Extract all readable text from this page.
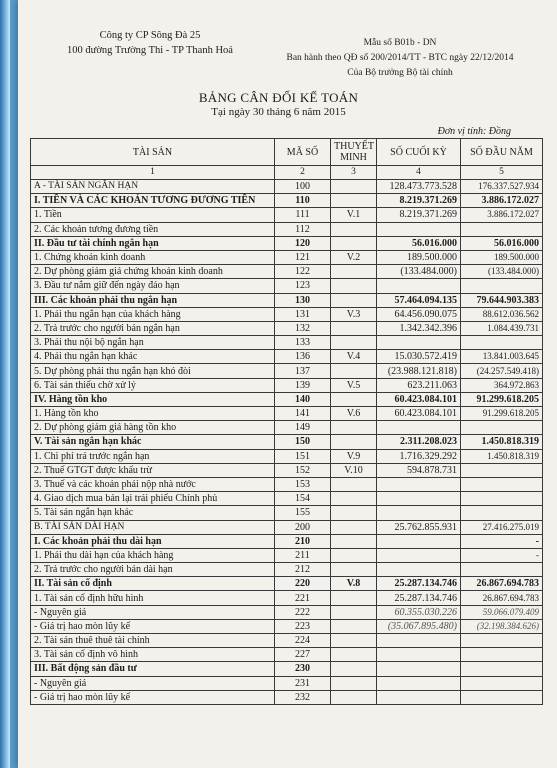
Công ty CP Sông Đà 25
100 đường Trường Thi - TP Thanh Hoá
Mẫu số B01b - DN
Ban hành theo QĐ số 200/2014/TT - BTC ngày 22/12/2014
Của Bộ trưởng Bộ tài chính
BẢNG CÂN ĐỐI KẾ TOÁN
Tại ngày 30 tháng 6 năm 2015
Đơn vị tính: Đồng
TÀI SẢN	MÃ SỐ	THUYẾT MINH	SỐ CUỐI KỲ	SỐ ĐẦU NĂM
1	2	3	4	5
A - TÀI SẢN NGẮN HẠN	100		128.473.773.528	176.337.527.934
I. TIỀN VÀ CÁC KHOẢN TƯƠNG ĐƯƠNG TIỀN	110		8.219.371.269	3.886.172.027
1. Tiền	111	V.1	8.219.371.269	3.886.172.027
2. Các khoản tương đương tiền	112			
II. Đầu tư tài chính ngắn hạn	120		56.016.000	56.016.000
1. Chứng khoán kinh doanh	121	V.2	189.500.000	189.500.000
2. Dự phòng giảm giá chứng khoán kinh doanh	122		(133.484.000)	(133.484.000)
3. Đầu tư nắm giữ đến ngày đáo hạn	123			
III. Các khoản phải thu ngắn hạn	130		57.464.094.135	79.644.903.383
1. Phải thu ngắn hạn của khách hàng	131	V.3	64.456.090.075	88.612.036.562
2. Trả trước cho người bán ngắn hạn	132		1.342.342.396	1.084.439.731
3. Phải thu nội bộ ngắn hạn	133			
4. Phải thu ngắn hạn khác	136	V.4	15.030.572.419	13.841.003.645
5. Dự phòng phải thu ngắn hạn khó đòi	137		(23.988.121.818)	(24.257.549.418)
6. Tài sản thiếu chờ xử lý	139	V.5	623.211.063	364.972.863
IV. Hàng tồn kho	140		60.423.084.101	91.299.618.205
1. Hàng tồn kho	141	V.6	60.423.084.101	91.299.618.205
2. Dự phòng giảm giá hàng tồn kho	149			
V. Tài sản ngắn hạn khác	150		2.311.208.023	1.450.818.319
1. Chi phí trả trước ngắn hạn	151	V.9	1.716.329.292	1.450.818.319
2. Thuế GTGT được khấu trừ	152	V.10	594.878.731	
3. Thuế và các khoản phải nộp nhà nước	153			
4. Giao dịch mua bán lại trái phiếu Chính phủ	154			
5. Tài sản ngắn hạn khác	155			
B. TÀI SẢN DÀI HẠN	200		25.762.855.931	27.416.275.019
I. Các khoản phải thu dài hạn	210			-
1. Phải thu dài hạn của khách hàng	211			-
2. Trả trước cho người bán dài hạn	212			
II. Tài sản cố định	220	V.8	25.287.134.746	26.867.694.783
1. Tài sản cố định hữu hình	221		25.287.134.746	26.867.694.783
- Nguyên giá	222		60.355.030.226	59.066.079.409
- Giá trị hao mòn lũy kế	223		(35.067.895.480)	(32.198.384.626)
2. Tài sản thuê thuê tài chính	224			
3. Tài sản cố định vô hình	227			
III. Bất động sản đầu tư	230			
- Nguyên giá	231			
- Giá trị hao mòn lũy kế	232			
